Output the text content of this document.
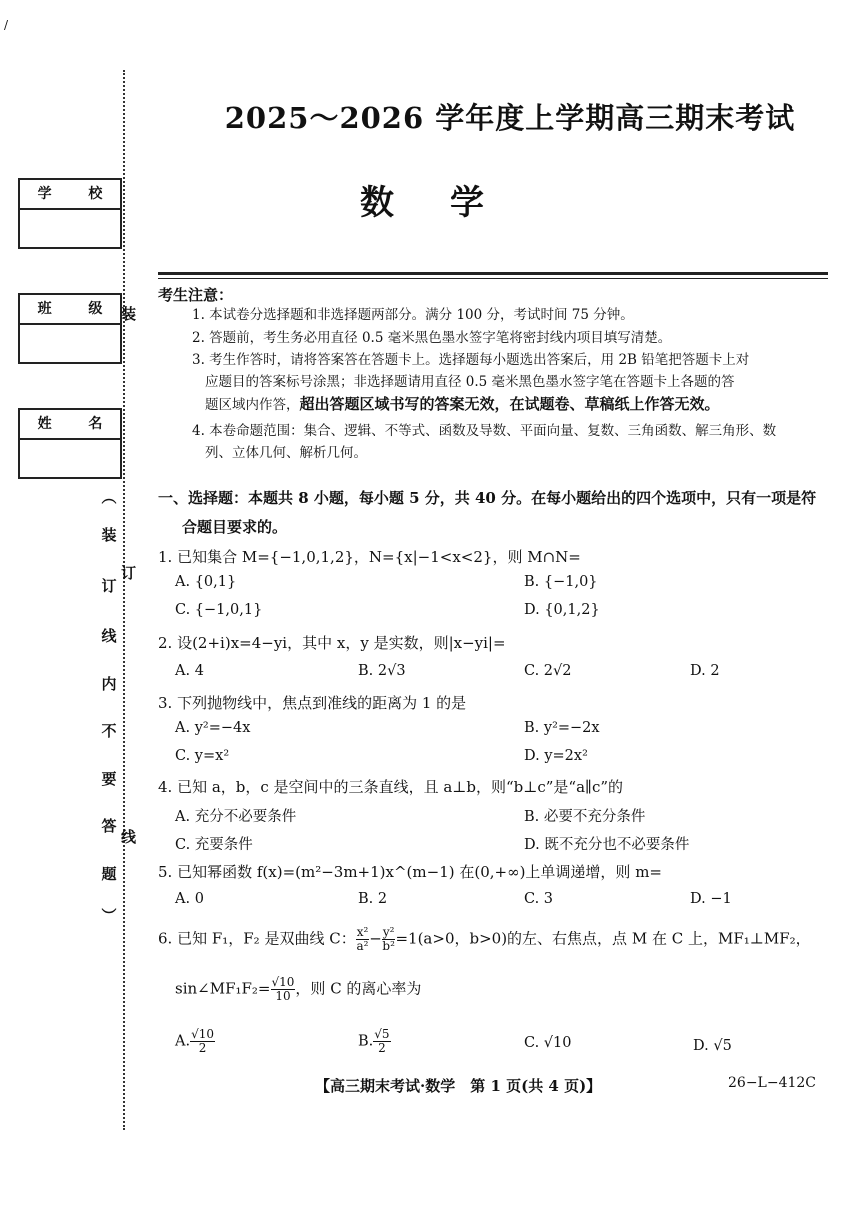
/
装
订
线
︵
装
订
线
内
不
要
答
题
︶
学 校
班 级
姓 名
2025～2026 学年度上学期高三期末考试
数学
考生注意：
1. 本试卷分选择题和非选择题两部分。满分 100 分，考试时间 75 分钟。
2. 答题前，考生务必用直径 0.5 毫米黑色墨水签字笔将密封线内项目填写清楚。
3. 考生作答时，请将答案答在答题卡上。选择题每小题选出答案后，用 2B 铅笔把答题卡上对
应题目的答案标号涂黑；非选择题请用直径 0.5 毫米黑色墨水签字笔在答题卡上各题的答
题区域内作答，超出答题区域书写的答案无效，在试题卷、草稿纸上作答无效。
4. 本卷命题范围：集合、逻辑、不等式、函数及导数、平面向量、复数、三角函数、解三角形、数
列、立体几何、解析几何。
一、选择题：本题共 8 小题，每小题 5 分，共 40 分。在每小题给出的四个选项中，只有一项是符
合题目要求的。
1. 已知集合 M={−1,0,1,2}，N={x|−1<x<2}，则 M∩N=
A. {0,1}	B. {−1,0}
C. {−1,0,1}	D. {0,1,2}
2. 设(2+i)x=4−yi，其中 x，y 是实数，则|x−yi|=
A. 4	B. 2√3	C. 2√2	D. 2
3. 下列抛物线中，焦点到准线的距离为 1 的是
A. y²=−4x	B. y²=−2x
C. y=x²	D. y=2x²
4. 已知 a，b，c 是空间中的三条直线，且 a⊥b，则“b⊥c”是“a∥c”的
A. 充分不必要条件	B. 必要不充分条件
C. 充要条件	D. 既不充分也不必要条件
5. 已知幂函数 f(x)=(m²−3m+1)x^(m−1) 在(0,+∞)上单调递增，则 m=
A. 0	B. 2	C. 3	D. −1
6. 已知 F₁，F₂ 是双曲线 C： $\frac{\text{x²}}{\text{a²}} - \frac{\text{y²}}{\text{b²}} =1(a>0$，b>0)的左、右焦点，点 M 在 C 上，MF₁⊥MF₂，
sin∠MF₁F₂= $\frac{√10}{10}$ ，则 C 的离心率为
A. $\frac{√10}{2}$	B. $\frac{√5}{2}$	C. √10	D. √5
【高三期末考试·数学　第 1 页(共 4 页)】	26−L−412C
